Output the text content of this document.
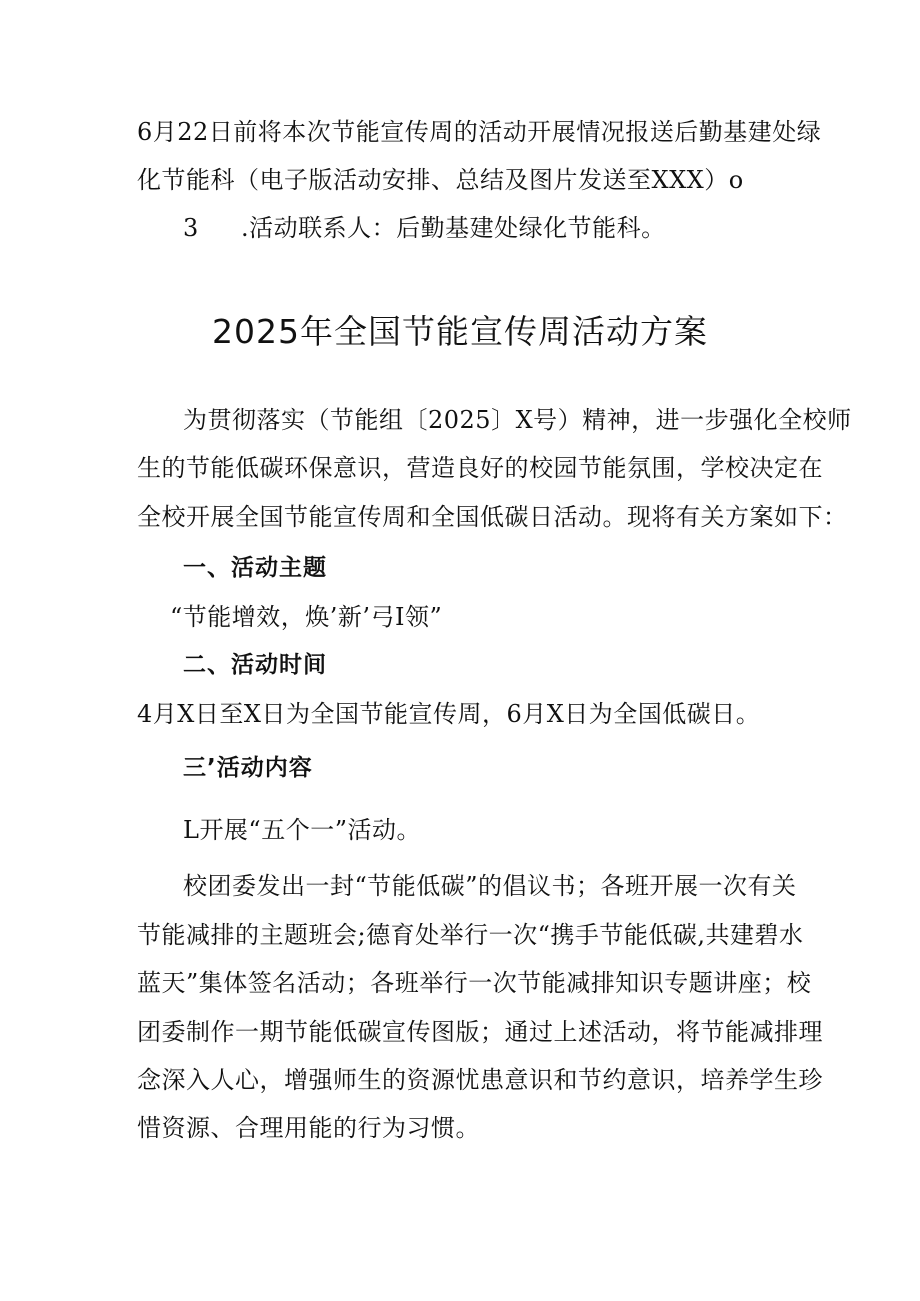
6月22日前将本次节能宣传周的活动开展情况报送后勤基建处绿
化节能科（电子版活动安排、总结及图片发送至XXX）o
3 .活动联系人：后勤基建处绿化节能科。
2025年全国节能宣传周活动方案
为贯彻落实（节能组〔2025〕X号）精神，进一步强化全校师
生的节能低碳环保意识，营造良好的校园节能氛围，学校决定在
全校开展全国节能宣传周和全国低碳日活动。现将有关方案如下：
一、活动主题
“节能增效，焕’新’弓I领”
二、活动时间
4月X日至X日为全国节能宣传周，6月X日为全国低碳日。
三’活动内容
L开展“五个一”活动。
校团委发出一封“节能低碳”的倡议书；各班开展一次有关
节能减排的主题班会;德育处举行一次“携手节能低碳,共建碧水
蓝天”集体签名活动；各班举行一次节能减排知识专题讲座；校
团委制作一期节能低碳宣传图版；通过上述活动，将节能减排理
念深入人心，增强师生的资源忧患意识和节约意识，培养学生珍
惜资源、合理用能的行为习惯。
